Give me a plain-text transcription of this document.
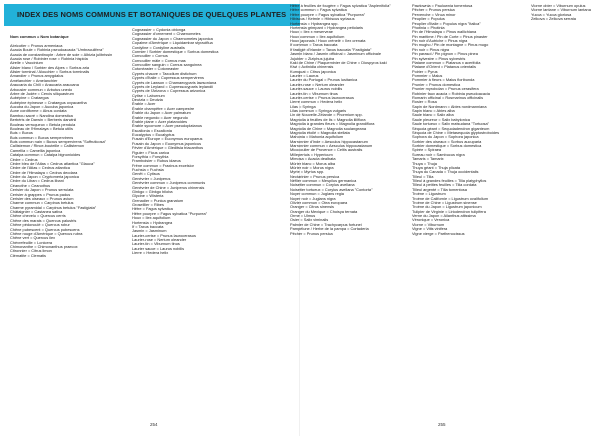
INDEX DES NOMS COMMUNS ET BOTANIQUES DE QUELQUES PLANTES
Nom commun = Nom botanique
Abricotier = Prunus armeniaca
Acacia Boule = Robinia pseudoacacia "Umbraculifera"
Acacia de constantinople : Arbre de soie = Albizia julibrissin
Acacia rose / Robinier rose = Robinia hispida
Airelle = Vaccinium
Alisier blanc / Sorbier des Alpes = Sorbus aria
Alisier torminal / Alouchier = Sorbus torminalis
Amandier = Prunus amygdalus
Amélanchier = Amelanchier
Araucaria du Chili = Araucaria araucana
Arbousier commun = Arbutus unedo
Arbre de Judée = Cercis siliquastrum
Aubépine = Crataegus
Aubépine épineuse = Crataegus oxyacantha
Aucuba du Japon = Aucuba japonica
Aune cordiforme = Alnus cordata
Bambou sacré = Nandina domestica
Berbéris de Darwin = Berberis darwinii
Bouleau verruqueux = Betula pendula
Bouleau de l'Himalaya = Betula utilis
Buis = Buxus
Buis commun = Buxus sempervirens
Buis commun nain = Buxus sempervirens "Suffruticosa"
Callistemon / Rince-bouteille = Callistemon
Camellia = Camellia japonica
Catalpa commun = Catalpa bignonioides
Cèdre = Cedrus
Cèdre bleu de l'Atlas = Cedrus atlantica "Glauca"
Cèdre de l'Atlas = Cedrus atlantica
Cèdre de l'Himalaya = Cedrus deodara
Cèdre du Japon = Cryptomeria japonica
Cèdre du Liban = Cedrus libani
Céanothe = Ceanothus
Cerisier du Japon = Prunus serrulata
Cerisier à grappes = Prunus padus
Cerisier des oiseaux = Prunus avium
Charme commun = Carpinus betulus
Charme pyramidal = Carpinus betulus "Fastigiata"
Châtaignier = Castanea sativa
Chêne chevelu = Quercus cerris
Chêne des marais = Quercus palustris
Chêne pédonculé = Quercus robur
Chêne pubescent = Quercus pubescens
Chêne rouge d'Amérique = Quercus rubra
Chêne vert = Quercus ilex
Chèvrefeuille = Lonicera
Chimonanthe = Chimonanthus praecox
Citronnier = Citrus limon
Clématite = Clematis
Cognassier = Cydonia oblonga
Cognassier d'ornement = Chaenomeles
Cognassier du Japon = Chaenomeles japonica
Copalme d'Amérique = Liquidambar styraciflua
Cordyline = Cordyline australis
Cormier / Sorbier domestique = Sorbus domestica
Cornouiller = Cornus
Cornouiller mâle = Cornus mas
Cornouiller sanguin = Cornus sanguinea
Cotonéaster = Cotoneaster
Cyprès chauve = Taxodium distichum
Cyprès d'Italie = Cupressus sempervirens
Cyprès de Lawson = Chamaecyparis lawsoniana
Cyprès de Leyland = Cupressocyparis leylandii
Cyprès de l'Arizona = Cupressus arizonica
Cytise = Laburnum
Deutzia = Deutzia
Érable = Acer
Érable champêtre = Acer campestre
Érable du Japon = Acer palmatum
Érable negundo = Acer negundo
Érable plane = Acer platanoides
Érable sycomore = Acer pseudoplatanus
Escallonia = Escallonia
Eucalyptus = Eucalyptus
Fusain d'Europe = Euonymus europaeus
Fusain du Japon = Euonymus japonicus
Févier d'Amérique = Gleditsia triacanthos
Figuier = Ficus carica
Forsythia = Forsythia
Framboisier = Rubus idaeus
Frêne commun = Fraxinus excelsior
Fuchsia = Fuchsia
Genêt = Cytisus
Genévrier = Juniperus
Genévrier commun = Juniperus communis
Genévrier de Chine = Juniperus chinensis
Ginkgo = Ginkgo biloba
Glycine = Wisteria
Grenadier = Punica granatum
Groseillier = Ribes
Hêtre = Fagus sylvatica
Hêtre pourpre = Fagus sylvatica "Purpurea"
Houx = Ilex aquifolium
Hortensia = Hydrangea
If = Taxus baccata
Jasmin = Jasminum
Laurier-cerise = Prunus laurocerasus
Laurier-rose = Nerium oleander
Laurier-tin = Viburnum tinus
Laurier sauce = Laurus nobilis
Lierre = Hedera helix
Hêtre à feuilles de fougère = Fagus sylvatica "Asplenifolia"
Hêtre commun = Fagus sylvatica
Hêtre pourpre = Fagus sylvatica "Purpurea"
Hibiscus / Ketmie = Hibiscus syriacus
Hortensia = Hydrangea spp.
Hortensia grimpant = Hydrangea petiolaris
Houx = Ilex x meserveae
Houx commun = Ilex aquifolium
Houx japonais / Houx crénelé = Ilex crenata
If commun = Taxus baccata
If fastigié d'Irlande = Taxus baccata "Fastigiata"
Jasmin blanc / Jasmin officinal = Jasminum officinale
Jujubier = Ziziphus jujuba
Kaki de Chine / Plaqueminier de Chine = Diospyros kaki
Kiwi = Actinidia chinensis
Kumquat = Citrus japonica
Laurier = Laurus
Laurier du Portugal = Prunus lusitanica
Laurier-rose = Nerium oleander
Laurier-sauce = Laurus nobilis
Laurier-tin = Viburnum tinus
Laurier-cerise = Prunus laurocerasus
Lierre commun = Hedera helix
Lilas = Syringa
Lilas commun = Syringa vulgaris
Lin de Nouvelle-Zélande = Phormium spp.
Magnolia à feuilles de lis = Magnolia liliiflora
Magnolia à grandes fleurs = Magnolia grandiflora
Magnolia de Chine = Magnolia soulangeana
Magnolia étoilé = Magnolia stellata
Mahonia = Mahonia aquifolium
Marronnier d'Inde = Aesculus hippocastanum
Marronnier commun = Aesculus hippocastanum
Micocoulier de Provence = Celtis australis
Millepertuis = Hypericum
Mimosa = Acacia dealbata
Mûrier blanc = Morus alba
Mûrier noir = Morus nigra
Myrte = Myrtus spp.
Nectarinier = Prunus persica
Néflier commun = Mespilus germanica
Noisetier commun = Corylus avellana
Noisetier tortueux = Corylus avellana "Contorta"
Noyer commun = Juglans regia
Noyer noir = Juglans nigra
Olivier commun = Olea europaea
Oranger = Citrus sinensis
Oranger du Mexique = Choisya ternata
Orme = Ulmus
Osier = Salix viminalis
Palmier de Chine = Trachycarpus fortunei
Pampélune / Herbe de la pampa = Cortaderia
Pêcher = Prunus persica
Pawlownia = Paulownia tomentosa
Pêcher = Prunus persica
Pervenche = Vinca minor
Peuplier = Populus
Peuplier d'Italie = Populus nigra "Italica"
Photinia = Photinia
Pin de l'Himalaya = Pinus wallichiana
Pin maritime / Pin de Corte = Pinus pinaster
Pin noir d'Autriche = Pinus nigra
Pin mugho / Pin de montagne = Pinus mugo
Pin noir = Pinus nigra
Pin parasol / Pin pignon = Pinus pinea
Pin sylvestre = Pinus sylvestris
Platane commun = Platanus x acerifolia
Platane d'Orient = Platanus orientalis
Poirier = Pyrus
Pommier = Malus
Pommier à fleurs = Malus floribunda
Prunier = Prunus domestica
Prunier myrobolan = Prunus cerasifera
Robinier faux acacia = Robinia pseudoacacia
Romarin officinal = Rosmarinus officinalis
Rosier = Rosa
Sapin de Nordmann = Abies nordmanniana
Sapin blanc = Abies alba
Saule blanc = Salix alba
Saule pleureur = Salix babylonica
Saule tortueux = Salix matsudana "Tortuosa"
Séquoia géant = Sequoiadendron giganteum
Séquoia de Chine = Metasequoia glyptostroboides
Sophora du Japon = Sophora japonica
Sorbier des oiseaux = Sorbus aucuparia
Sorbier domestique = Sorbus domestica
Spirée = Spiraea
Sureau noir = Sambucus nigra
Tamaris = Tamarix
Thuya = Thuja
Thuya géant = Thuja plicata
Thuya du Canada = Thuja occidentalis
Tilleul = Tilia
Tilleul à grandes feuilles = Tilia platyphyllos
Tilleul à petites feuilles = Tilia cordata
Tilleul argenté = Tilia tomentosa
Troène = Ligustrum
Troène de Californie = Ligustrum ovalifolium
Troène de Chine = Ligustrum sinense
Troène du Japon = Ligustrum japonicum
Tulipier de Virginie = Liriodendron tulipifera
Verne du Japon = Ailanthus altissima
Véronique = Veronica
Viorne = Viburnum
Vigne = Vitis vinifera
Vigne vierge = Parthenocissus
Viorne obier = Viburnum opulus
Viorne lantane = Viburnum lantana
Yucca = Yucca gloriosa
Zelkova = Zelkova serrata
254	255
